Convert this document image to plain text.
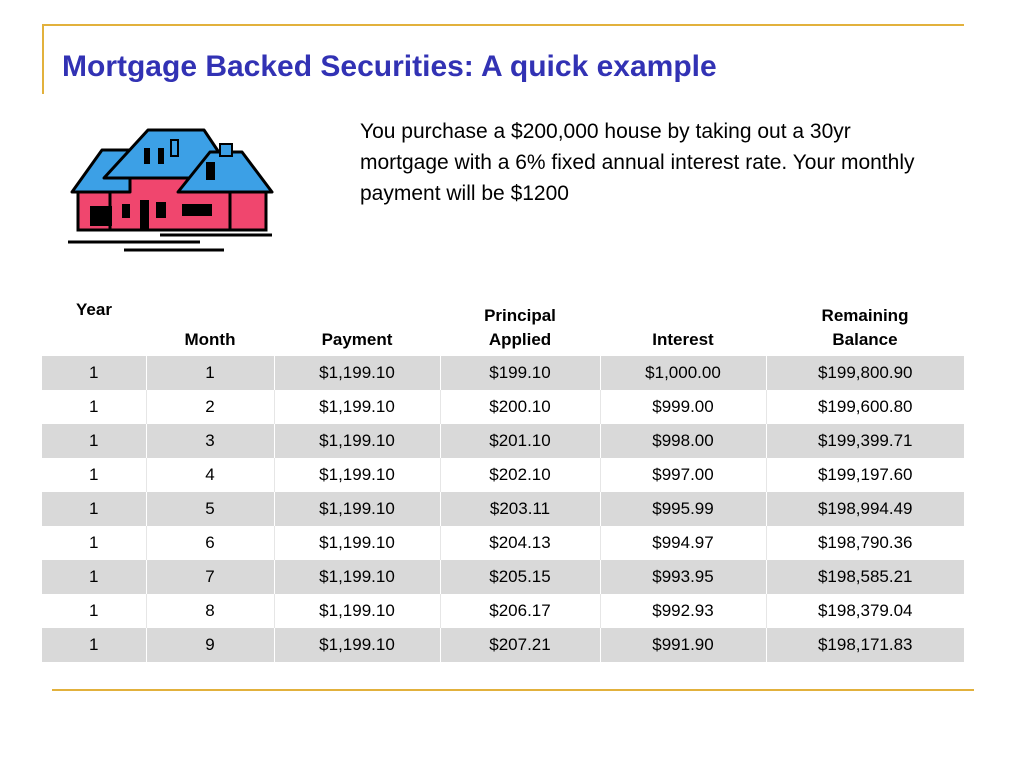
Mortgage Backed Securities: A quick example

You purchase a $200,000 house by taking out a 30yr mortgage with a 6% fixed annual interest rate. Your monthly payment will be $1200

Year	Month	Payment	Principal Applied	Interest	Remaining Balance
1	1	$1,199.10	$199.10	$1,000.00	$199,800.90
1	2	$1,199.10	$200.10	$999.00	$199,600.80
1	3	$1,199.10	$201.10	$998.00	$199,399.71
1	4	$1,199.10	$202.10	$997.00	$199,197.60
1	5	$1,199.10	$203.11	$995.99	$198,994.49
1	6	$1,199.10	$204.13	$994.97	$198,790.36
1	7	$1,199.10	$205.15	$993.95	$198,585.21
1	8	$1,199.10	$206.17	$992.93	$198,379.04
1	9	$1,199.10	$207.21	$991.90	$198,171.83
